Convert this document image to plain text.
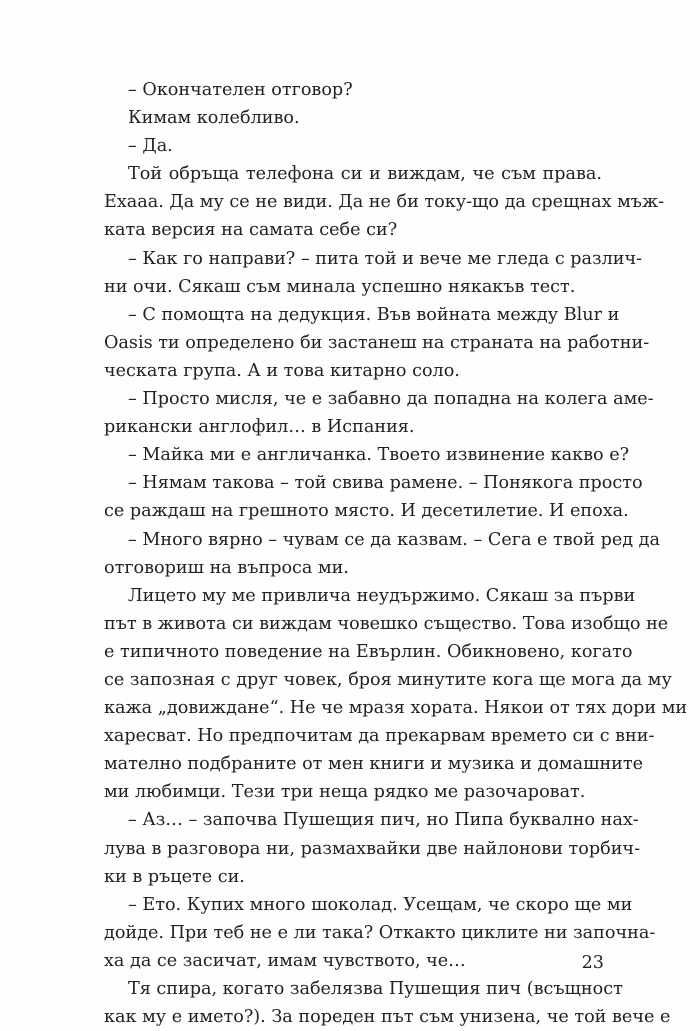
– Окончателен отговор?
Кимам колебливо.
– Да.
Той обръща телефона си и виждам, че съм права.
Ехааа. Да му се не види. Да не би току-що да срещнах мъж-
ката версия на самата себе си?
– Как го направи? – пита той и вече ме гледа с различ-
ни очи. Сякаш съм минала успешно някакъв тест.
– С помощта на дедукция. Във войната между Blur и
Oasis ти определено би застанеш на страната на работни-
ческата група. А и това китарно соло.
– Просто мисля, че е забавно да попадна на колега аме-
рикански англофил… в Испания.
– Майка ми е англичанка. Твоето извинение какво е?
– Нямам такова – той свива рамене. – Понякога просто
се раждаш на грешното място. И десетилетие. И епоха.
– Много вярно – чувам се да казвам. – Сега е твой ред да
отговориш на въпроса ми.
Лицето му ме привлича неудържимо. Сякаш за първи
път в живота си виждам човешко същество. Това изобщо не
е типичното поведение на Евърлин. Обикновено, когато
се запозная с друг човек, броя минутите кога ще мога да му
кажа „довиждане“. Не че мразя хората. Някои от тях дори ми
харесват. Но предпочитам да прекарвам времето си с вни-
мателно подбраните от мен книги и музика и домашните
ми любимци. Тези три неща рядко ме разочароват.
– Аз… – започва Пушещия пич, но Пипа буквално нах-
лува в разговора ни, размахвайки две найлонови торбич-
ки в ръцете си.
– Ето. Купих много шоколад. Усещам, че скоро ще ми
дойде. При теб не е ли така? Откакто циклите ни започна-
ха да се засичат, имам чувството, че…
Тя спира, когато забелязва Пушещия пич (всъщност
как му е името?). За пореден път съм унизена, че той вече е
23
